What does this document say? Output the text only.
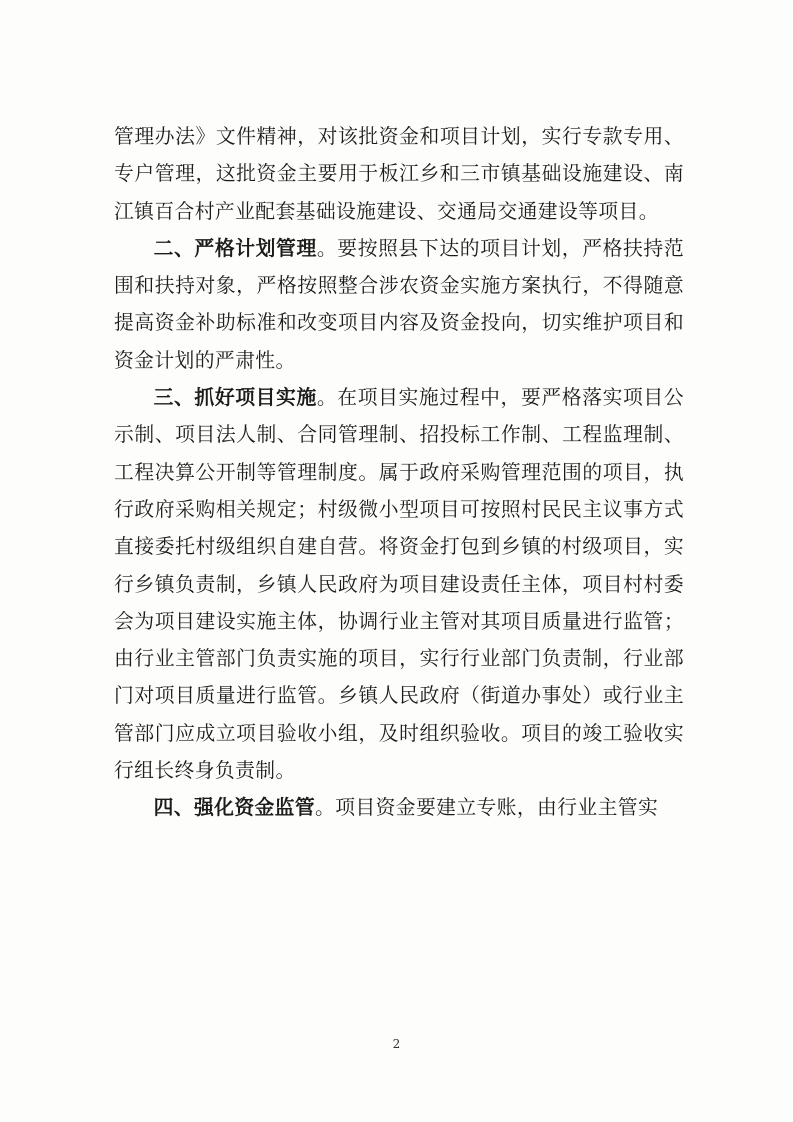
管理办法》文件精神，对该批资金和项目计划，实行专款专用、专户管理，这批资金主要用于板江乡和三市镇基础设施建设、南江镇百合村产业配套基础设施建设、交通局交通建设等项目。

二、严格计划管理。要按照县下达的项目计划，严格扶持范围和扶持对象，严格按照整合涉农资金实施方案执行，不得随意提高资金补助标准和改变项目内容及资金投向，切实维护项目和资金计划的严肃性。

三、抓好项目实施。在项目实施过程中，要严格落实项目公示制、项目法人制、合同管理制、招投标工作制、工程监理制、工程决算公开制等管理制度。属于政府采购管理范围的项目，执行政府采购相关规定；村级微小型项目可按照村民民主议事方式直接委托村级组织自建自营。将资金打包到乡镇的村级项目，实行乡镇负责制，乡镇人民政府为项目建设责任主体，项目村村委会为项目建设实施主体，协调行业主管对其项目质量进行监管；由行业主管部门负责实施的项目，实行行业部门负责制，行业部门对项目质量进行监管。乡镇人民政府（街道办事处）或行业主管部门应成立项目验收小组，及时组织验收。项目的竣工验收实行组长终身负责制。

四、强化资金监管。项目资金要建立专账，由行业主管实

2
